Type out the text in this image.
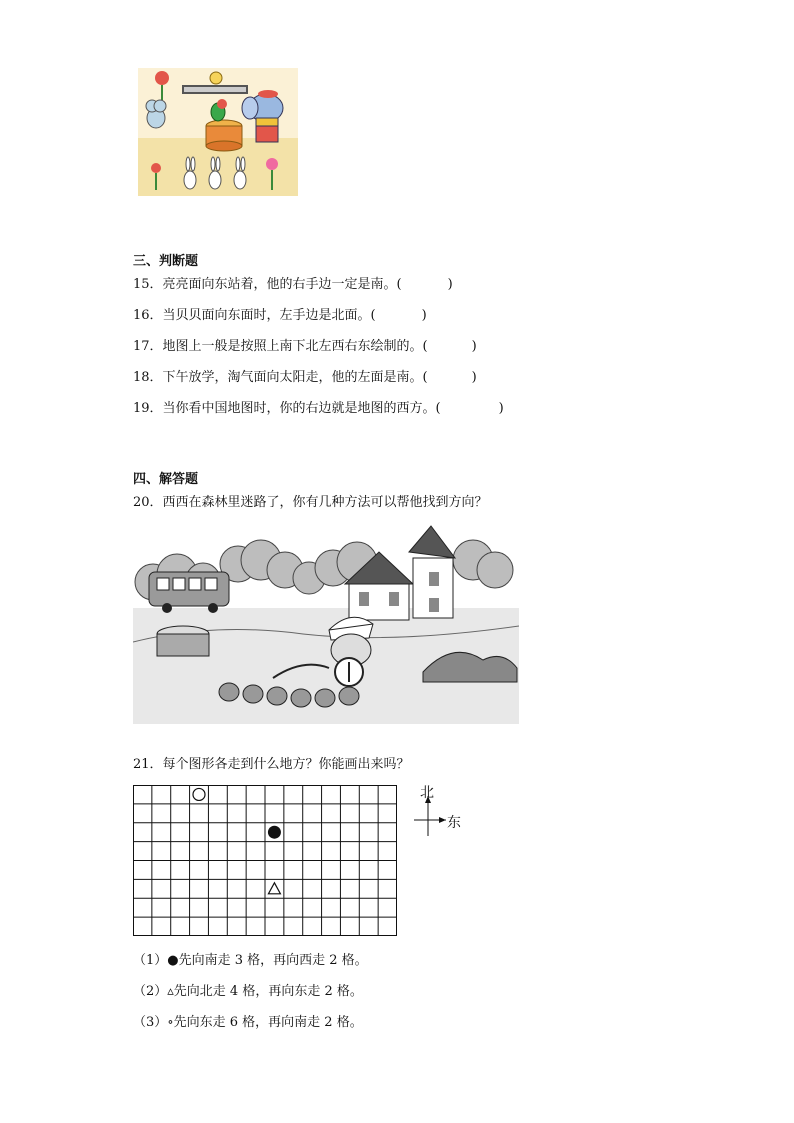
三、判断题
15．亮亮面向东站着，他的右手边一定是南。(	)
16．当贝贝面向东面时，左手边是北面。(	)
17．地图上一般是按照上南下北左西右东绘制的。(	)
18．下午放学，淘气面向太阳走，他的左面是南。(	)
19．当你看中国地图时，你的右边就是地图的西方。(	)
四、解答题
20．西西在森林里迷路了，你有几种方法可以帮他找到方向？
21．每个图形各走到什么地方？你能画出来吗？
北
东
（1）●先向南走 3 格，再向西走 2 格。
（2）▵先向北走 4 格，再向东走 2 格。
（3）∘先向东走 6 格，再向南走 2 格。
